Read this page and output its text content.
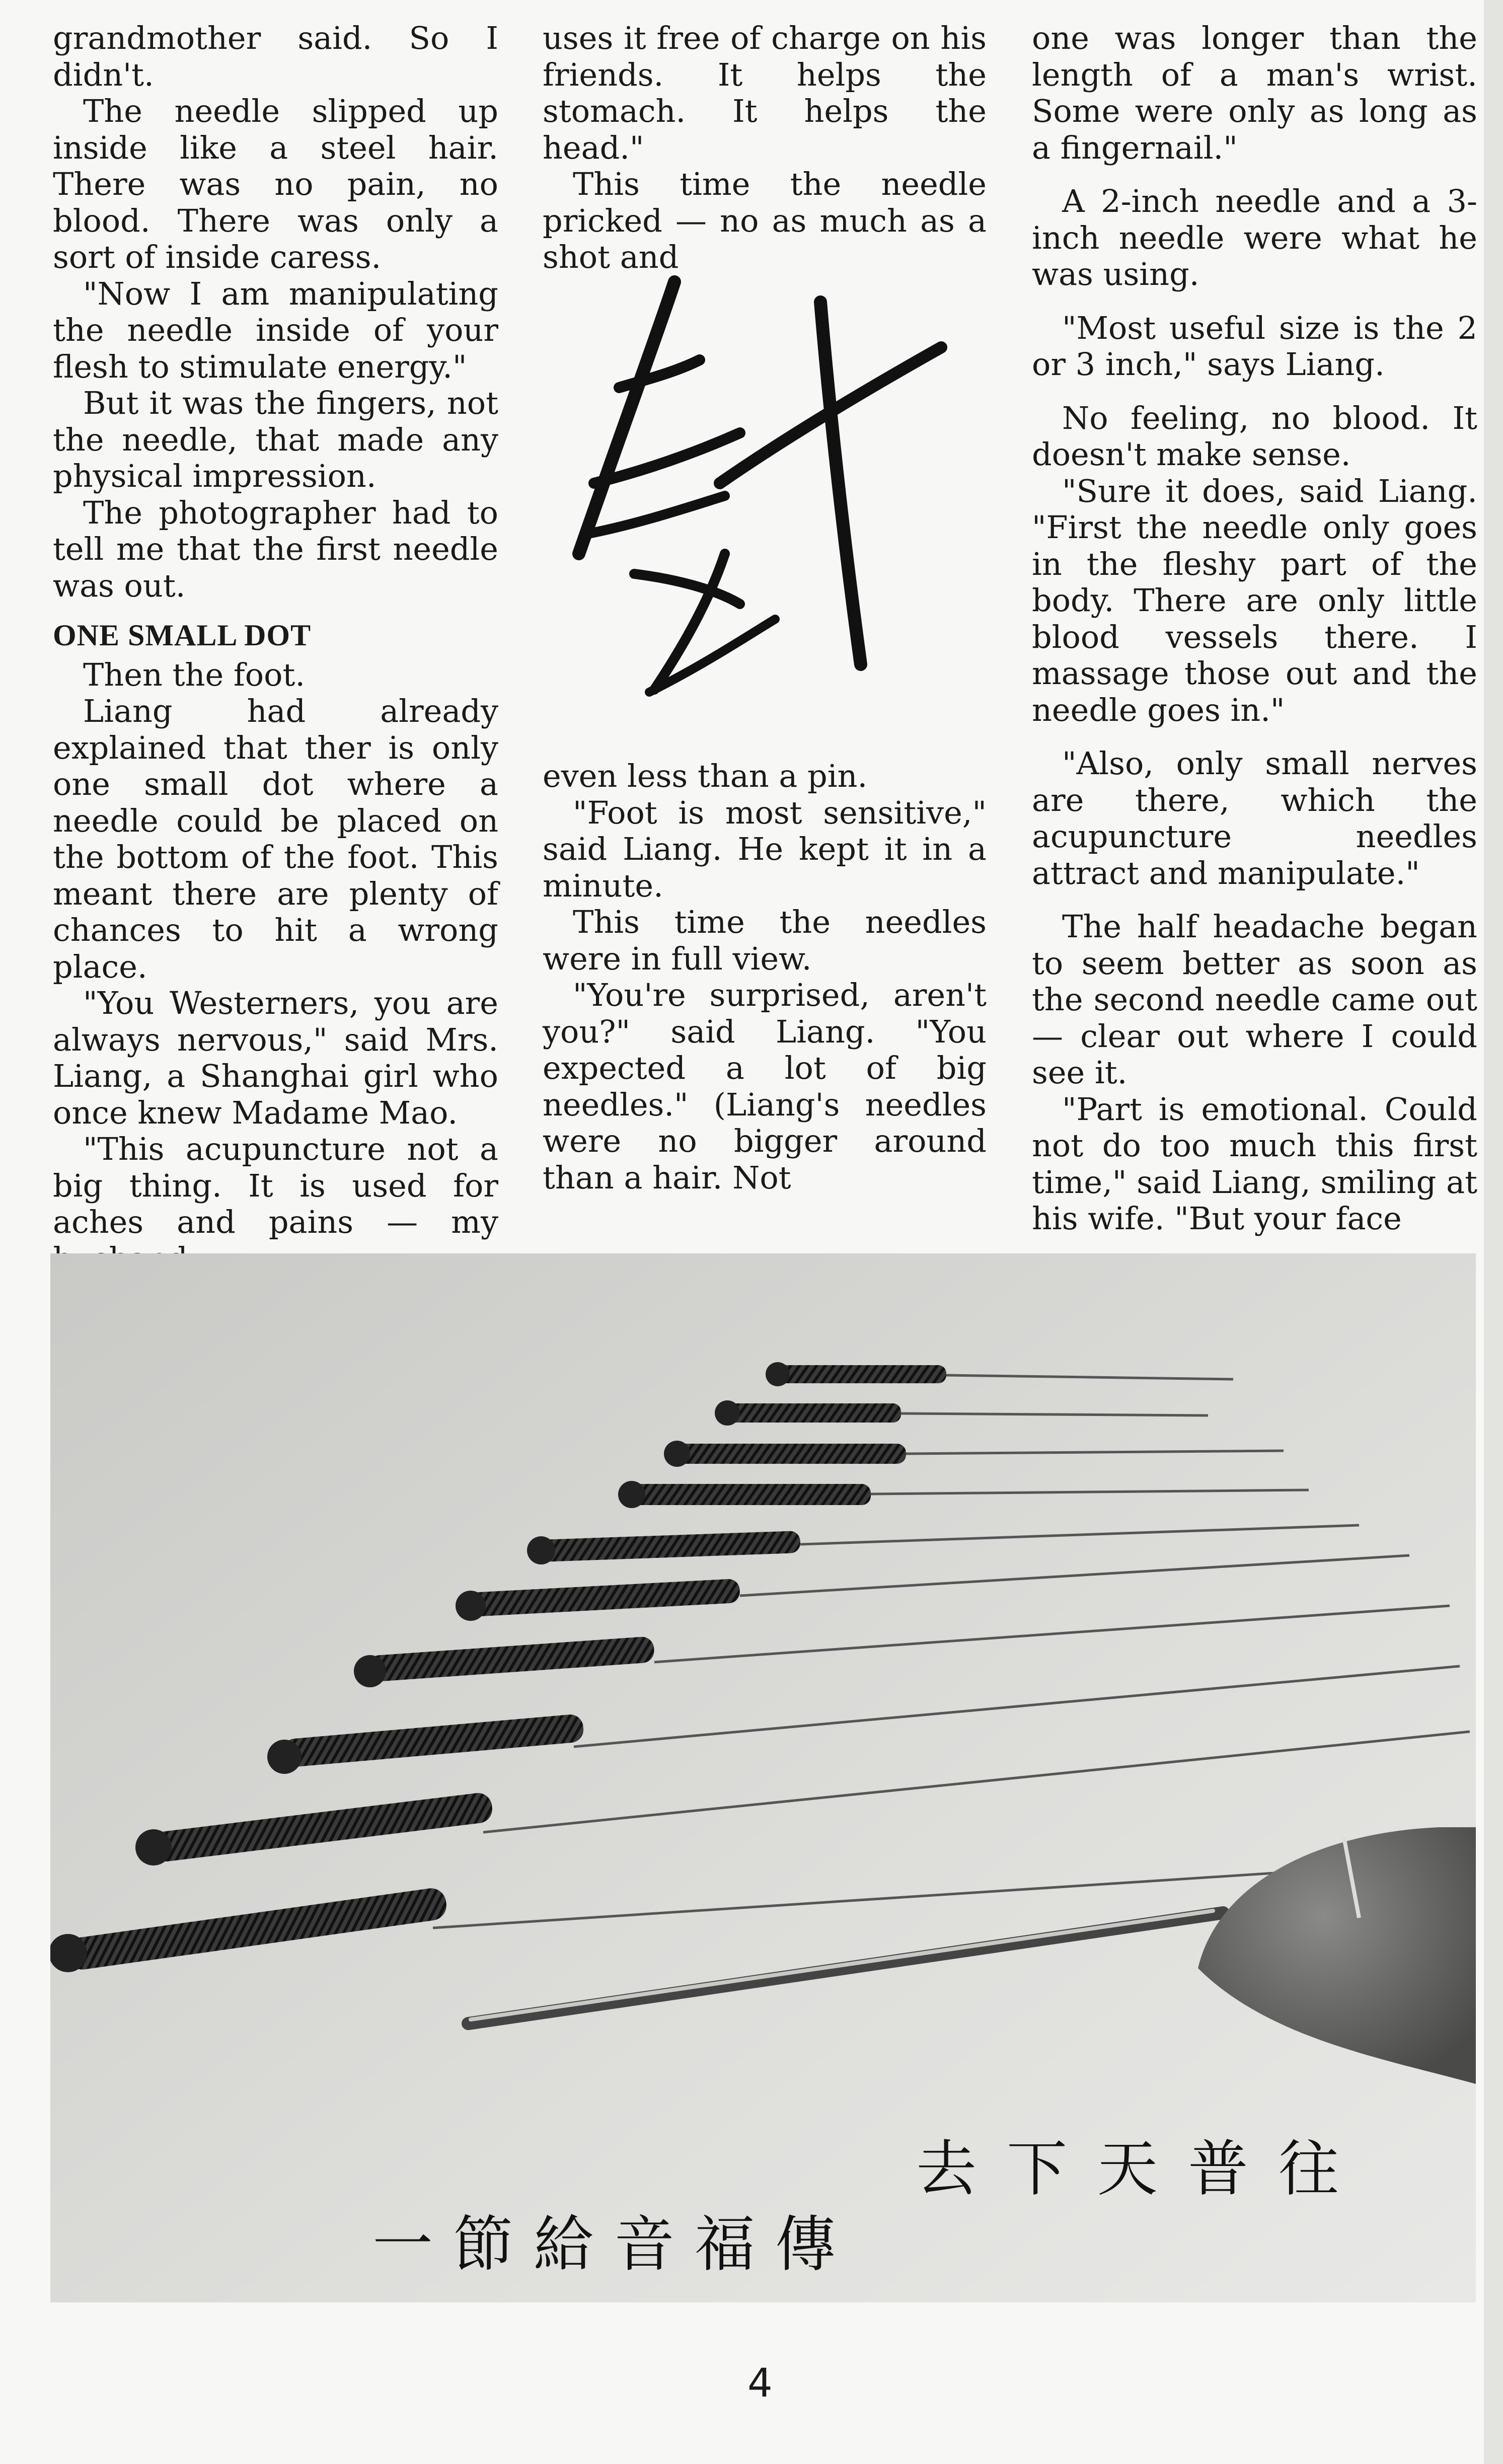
grandmother said. So I didn't.

The needle slipped up inside like a steel hair. There was no pain, no blood. There was only a sort of inside caress.

"Now I am manipulating the needle inside of your flesh to stimulate energy."

But it was the fingers, not the needle, that made any physical impression.

The photographer had to tell me that the first needle was out.

ONE SMALL DOT

Then the foot.

Liang had already explained that ther is only one small dot where a needle could be placed on the bottom of the foot. This meant there are plenty of chances to hit a wrong place.

"You Westerners, you are always nervous," said Mrs. Liang, a Shanghai girl who once knew Madame Mao.

"This acupuncture not a big thing. It is used for aches and pains — my

uses it free of charge on his friends. It helps the stomach. It helps the head."

This time the needle pricked — no as much as a shot and

even less than a pin.

"Foot is most sensitive," said Liang. He kept it in a minute.

This time the needles were in full view.

"You're surprised, aren't you?" said Liang. "You expected a lot of big needles." (Liang's needles were no bigger around than a hair. Not

one was longer than the length of a man's wrist. Some were only as long as a fingernail."

A 2-inch needle and a 3-inch needle were what he was using.

"Most useful size is the 2 or 3 inch," says Liang.

No feeling, no blood. It doesn't make sense.

"Sure it does, said Liang. "First the needle only goes in the fleshy part of the body. There are only little blood vessels there. I massage those out and the needle goes in."

"Also, only small nerves are there, which the acupuncture needles attract and manipulate."

The half headache began to seem better as soon as the second needle came out — clear out where I could see it.

"Part is emotional. Could not do too much this first time," said Liang, smiling at his wife. "But your face

一節給音福傳
去下天普往
4
